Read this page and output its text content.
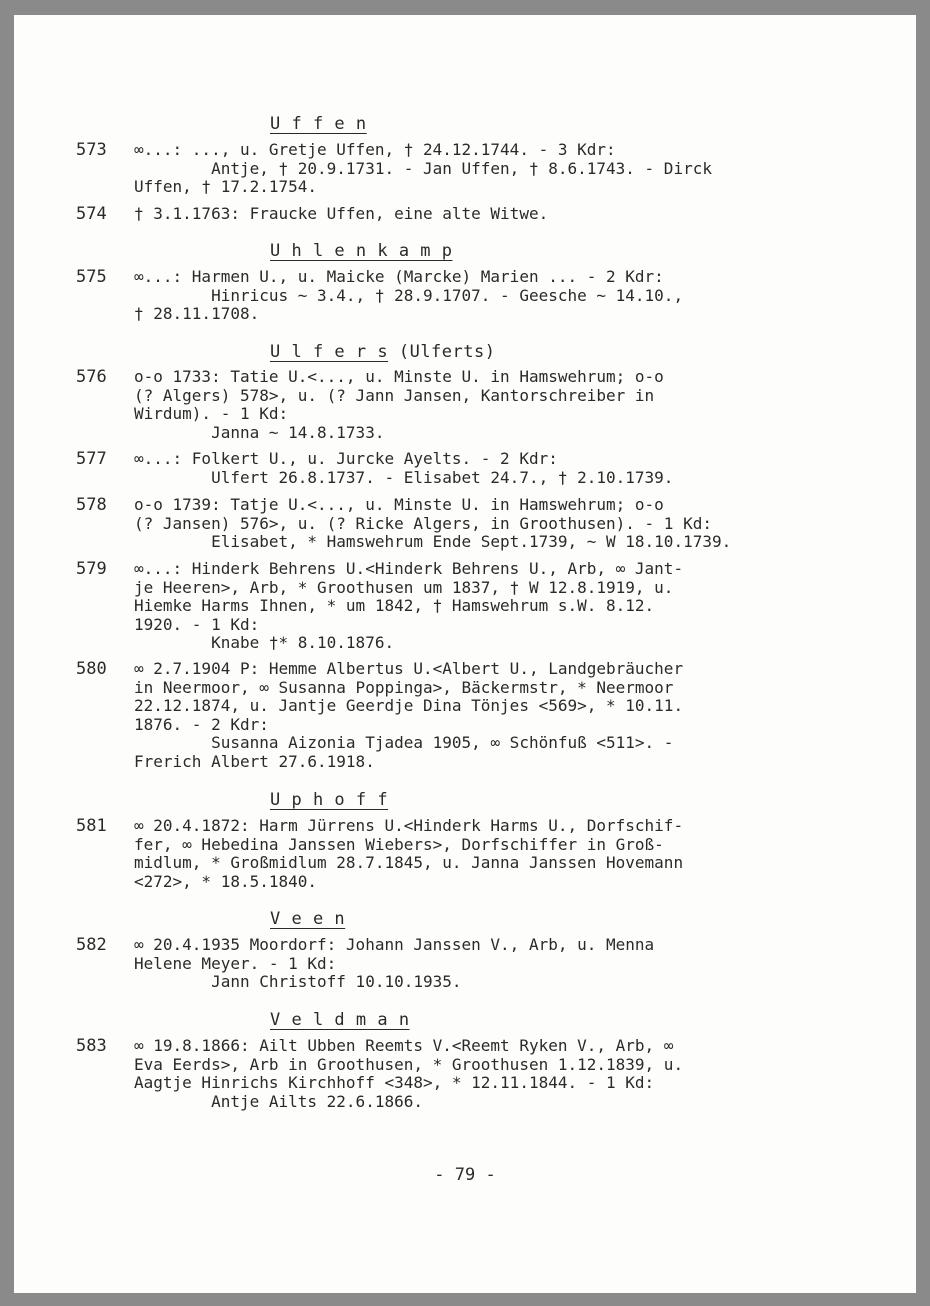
U f f e n
573 ∞...: ..., u. Gretje Uffen, † 24.12.1744. - 3 Kdr:
Antje, † 20.9.1731. - Jan Uffen, † 8.6.1743. - Dirck
Uffen, † 17.2.1754.
574 † 3.1.1763: Fraucke Uffen, eine alte Witwe.
U h l e n k a m p
575 ∞...: Harmen U., u. Maicke (Marcke) Marien ... - 2 Kdr:
Hinricus ~ 3.4., † 28.9.1707. - Geesche ~ 14.10.,
† 28.11.1708.
U l f e r s (Ulferts)
576 o-o 1733: Tatie U.<..., u. Minste U. in Hamswehrum; o-o
(? Algers) 578>, u. (? Jann Jansen, Kantorschreiber in
Wirdum). - 1 Kd:
Janna ~ 14.8.1733.
577 ∞...: Folkert U., u. Jurcke Ayelts. - 2 Kdr:
Ulfert 26.8.1737. - Elisabet 24.7., † 2.10.1739.
578 o-o 1739: Tatje U.<..., u. Minste U. in Hamswehrum; o-o
(? Jansen) 576>, u. (? Ricke Algers, in Groothusen). - 1 Kd:
Elisabet, * Hamswehrum Ende Sept.1739, ~ W 18.10.1739.
579 ∞...: Hinderk Behrens U.<Hinderk Behrens U., Arb, ∞ Jant-
je Heeren>, Arb, * Groothusen um 1837, † W 12.8.1919, u.
Hiemke Harms Ihnen, * um 1842, † Hamswehrum s.W. 8.12.
1920. - 1 Kd:
Knabe †* 8.10.1876.
580 ∞ 2.7.1904 P: Hemme Albertus U.<Albert U., Landgebräucher
in Neermoor, ∞ Susanna Poppinga>, Bäckermstr, * Neermoor
22.12.1874, u. Jantje Geerdje Dina Tönjes <569>, * 10.11.
1876. - 2 Kdr:
Susanna Aizonia Tjadea 1905, ∞ Schönfuß <511>. -
Frerich Albert 27.6.1918.
U p h o f f
581 ∞ 20.4.1872: Harm Jürrens U.<Hinderk Harms U., Dorfschif-
fer, ∞ Hebedina Janssen Wiebers>, Dorfschiffer in Groß-
midlum, * Großmidlum 28.7.1845, u. Janna Janssen Hovemann
<272>, * 18.5.1840.
V e e n
582 ∞ 20.4.1935 Moordorf: Johann Janssen V., Arb, u. Menna
Helene Meyer. - 1 Kd:
Jann Christoff 10.10.1935.
V e l d m a n
583 ∞ 19.8.1866: Ailt Ubben Reemts V.<Reemt Ryken V., Arb, ∞
Eva Eerds>, Arb in Groothusen, * Groothusen 1.12.1839, u.
Aagtje Hinrichs Kirchhoff <348>, * 12.11.1844. - 1 Kd:
Antje Ailts 22.6.1866.
- 79 -
